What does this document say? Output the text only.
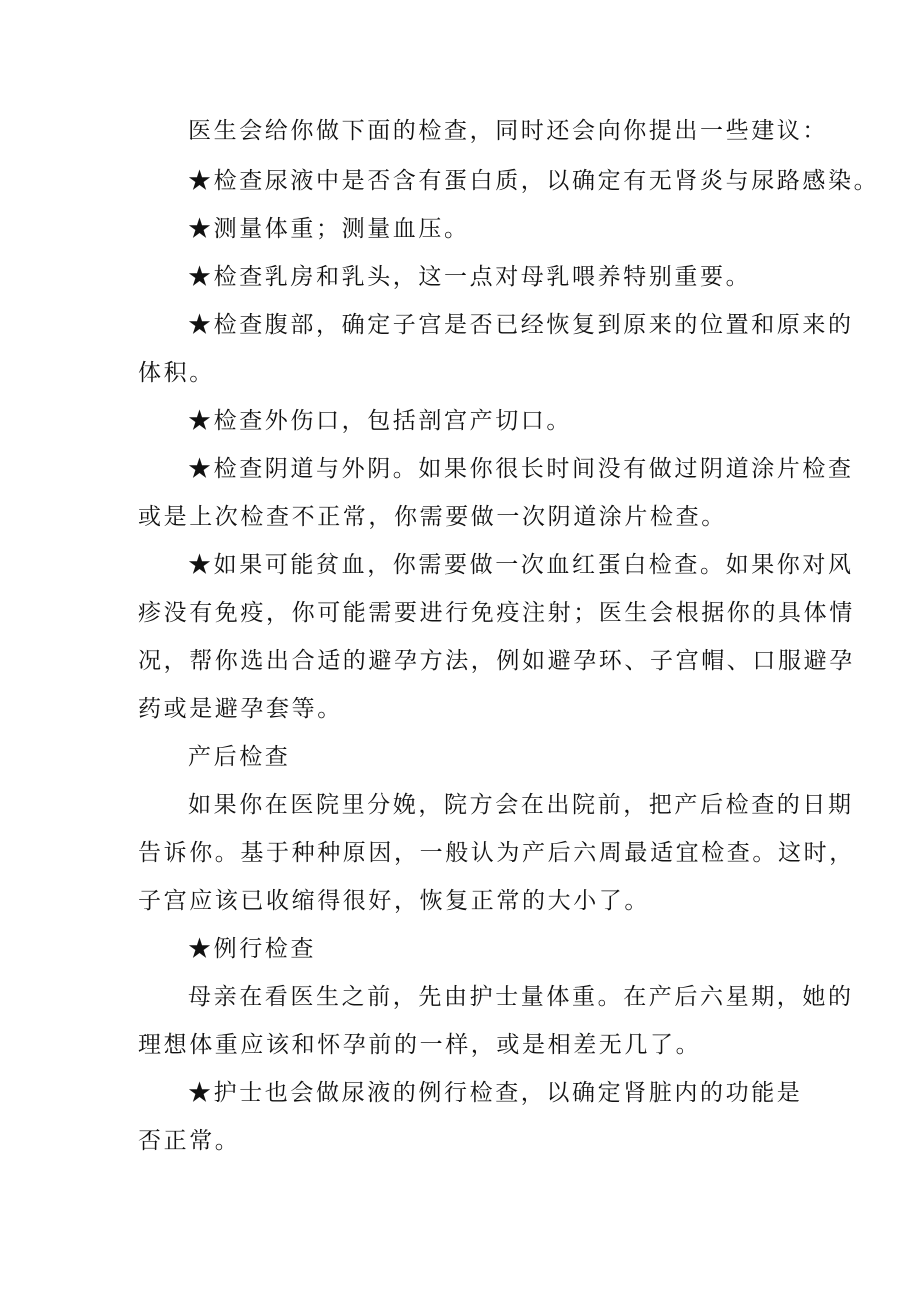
医生会给你做下面的检查，同时还会向你提出一些建议：
★检查尿液中是否含有蛋白质，以确定有无肾炎与尿路感染。
★测量体重；测量血压。
★检查乳房和乳头，这一点对母乳喂养特别重要。
★检查腹部，确定子宫是否已经恢复到原来的位置和原来的
体积。
★检查外伤口，包括剖宫产切口。
★检查阴道与外阴。如果你很长时间没有做过阴道涂片检查
或是上次检查不正常，你需要做一次阴道涂片检查。
★如果可能贫血，你需要做一次血红蛋白检查。如果你对风
疹没有免疫，你可能需要进行免疫注射；医生会根据你的具体情
况，帮你选出合适的避孕方法，例如避孕环、子宫帽、口服避孕
药或是避孕套等。
产后检查
如果你在医院里分娩，院方会在出院前，把产后检查的日期
告诉你。基于种种原因，一般认为产后六周最适宜检查。这时，
子宫应该已收缩得很好，恢复正常的大小了。
★例行检查
母亲在看医生之前，先由护士量体重。在产后六星期，她的
理想体重应该和怀孕前的一样，或是相差无几了。
★护士也会做尿液的例行检查，以确定肾脏内的功能是
否正常。
